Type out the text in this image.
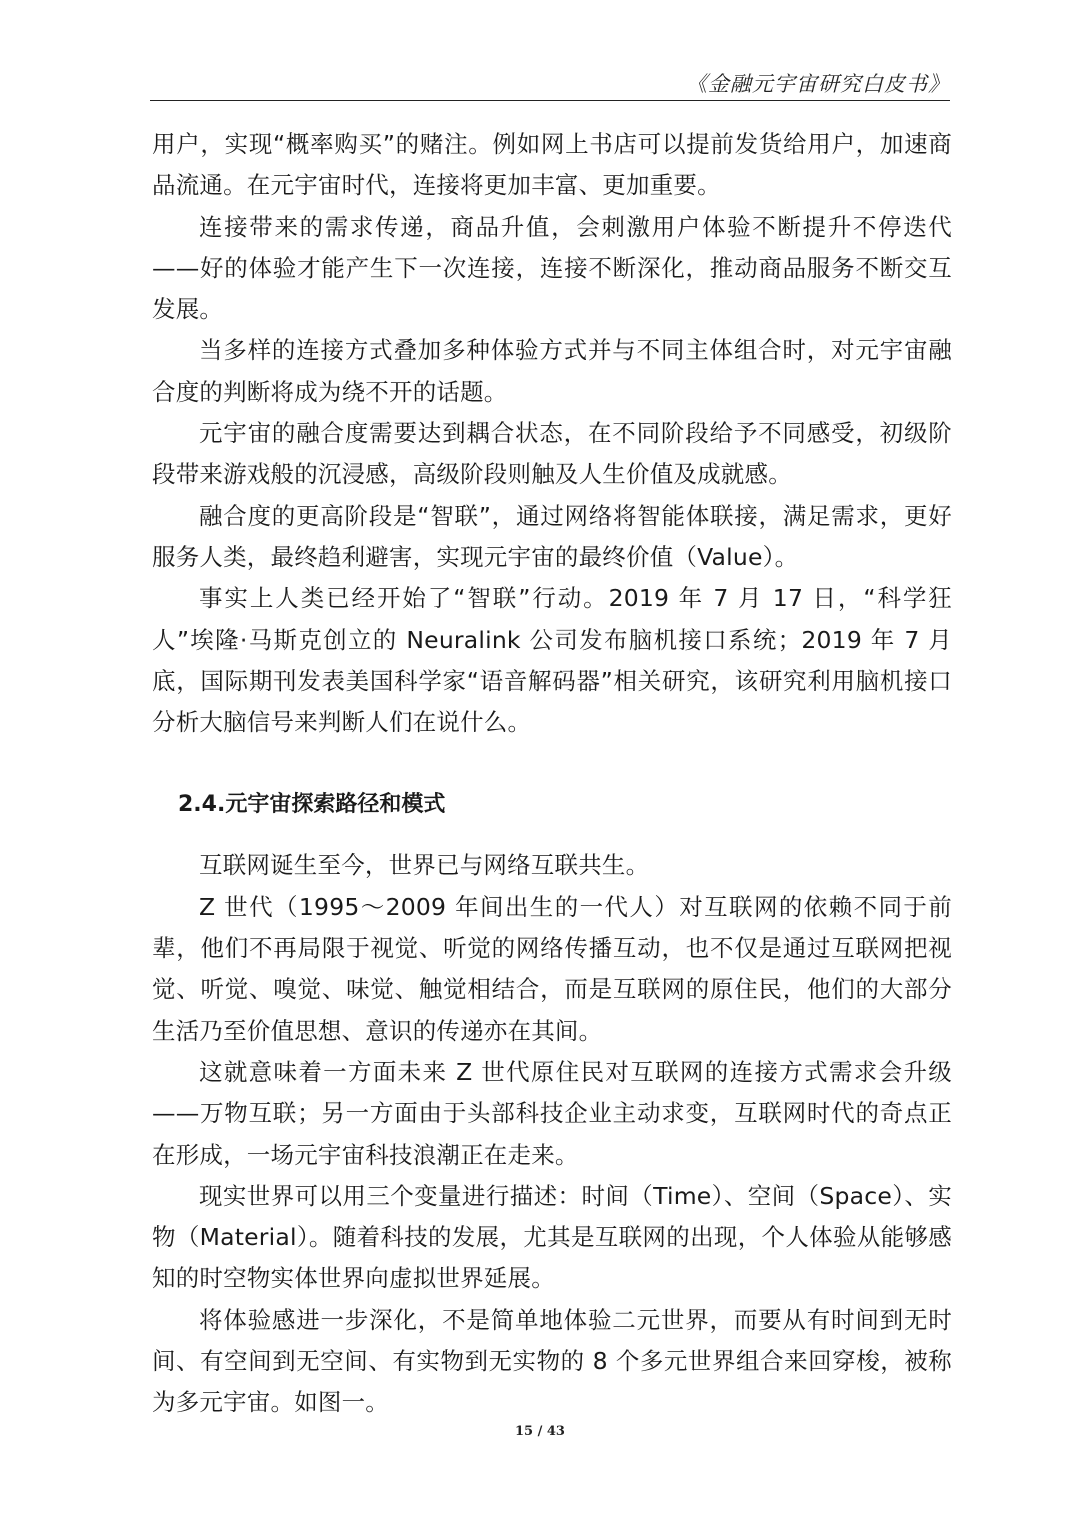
《金融元宇宙研究白皮书》

用户，实现“概率购买”的赌注。例如网上书店可以提前发货给用户，加速商品流通。在元宇宙时代，连接将更加丰富、更加重要。

连接带来的需求传递，商品升值，会刺激用户体验不断提升不停迭代——好的体验才能产生下一次连接，连接不断深化，推动商品服务不断交互发展。

当多样的连接方式叠加多种体验方式并与不同主体组合时，对元宇宙融合度的判断将成为绕不开的话题。

元宇宙的融合度需要达到耦合状态，在不同阶段给予不同感受，初级阶段带来游戏般的沉浸感，高级阶段则触及人生价值及成就感。

融合度的更高阶段是“智联”，通过网络将智能体联接，满足需求，更好服务人类，最终趋利避害，实现元宇宙的最终价值（Value）。

事实上人类已经开始了“智联”行动。2019 年 7 月 17 日，“科学狂人”埃隆·马斯克创立的 Neuralink 公司发布脑机接口系统；2019 年 7 月底，国际期刊发表美国科学家“语音解码器”相关研究，该研究利用脑机接口分析大脑信号来判断人们在说什么。

2.4.元宇宙探索路径和模式

互联网诞生至今，世界已与网络互联共生。

Z 世代（1995～2009 年间出生的一代人）对互联网的依赖不同于前辈，他们不再局限于视觉、听觉的网络传播互动，也不仅是通过互联网把视觉、听觉、嗅觉、味觉、触觉相结合，而是互联网的原住民，他们的大部分生活乃至价值思想、意识的传递亦在其间。

这就意味着一方面未来 Z 世代原住民对互联网的连接方式需求会升级——万物互联；另一方面由于头部科技企业主动求变，互联网时代的奇点正在形成，一场元宇宙科技浪潮正在走来。

现实世界可以用三个变量进行描述：时间（Time）、空间（Space）、实物（Material）。随着科技的发展，尤其是互联网的出现，个人体验从能够感知的时空物实体世界向虚拟世界延展。

将体验感进一步深化，不是简单地体验二元世界，而要从有时间到无时间、有空间到无空间、有实物到无实物的 8 个多元世界组合来回穿梭，被称为多元宇宙。如图一。

15 / 43
